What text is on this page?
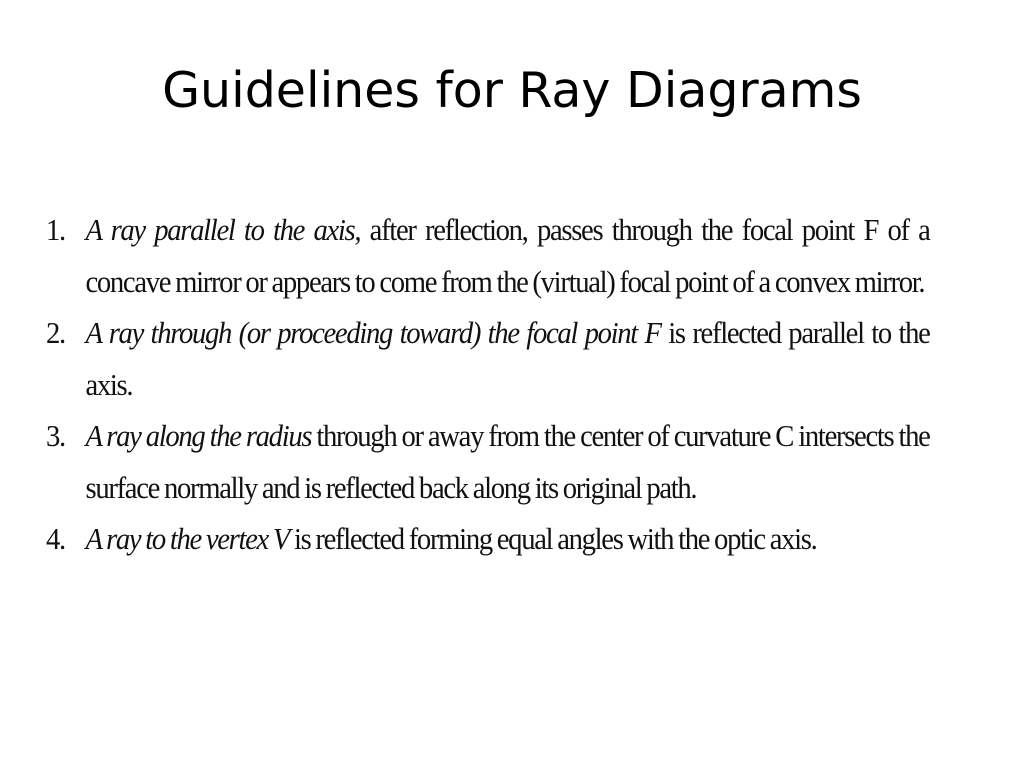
Guidelines for Ray Diagrams
1. A ray parallel to the axis, after reflection, passes through the focal point F of a concave mirror or appears to come from the (virtual) focal point of a convex mirror.
2. A ray through (or proceeding toward) the focal point F is reflected parallel to the axis.
3. A ray along the radius through or away from the center of curvature C intersects the surface normally and is reflected back along its original path.
4. A ray to the vertex V is reflected forming equal angles with the optic axis.
